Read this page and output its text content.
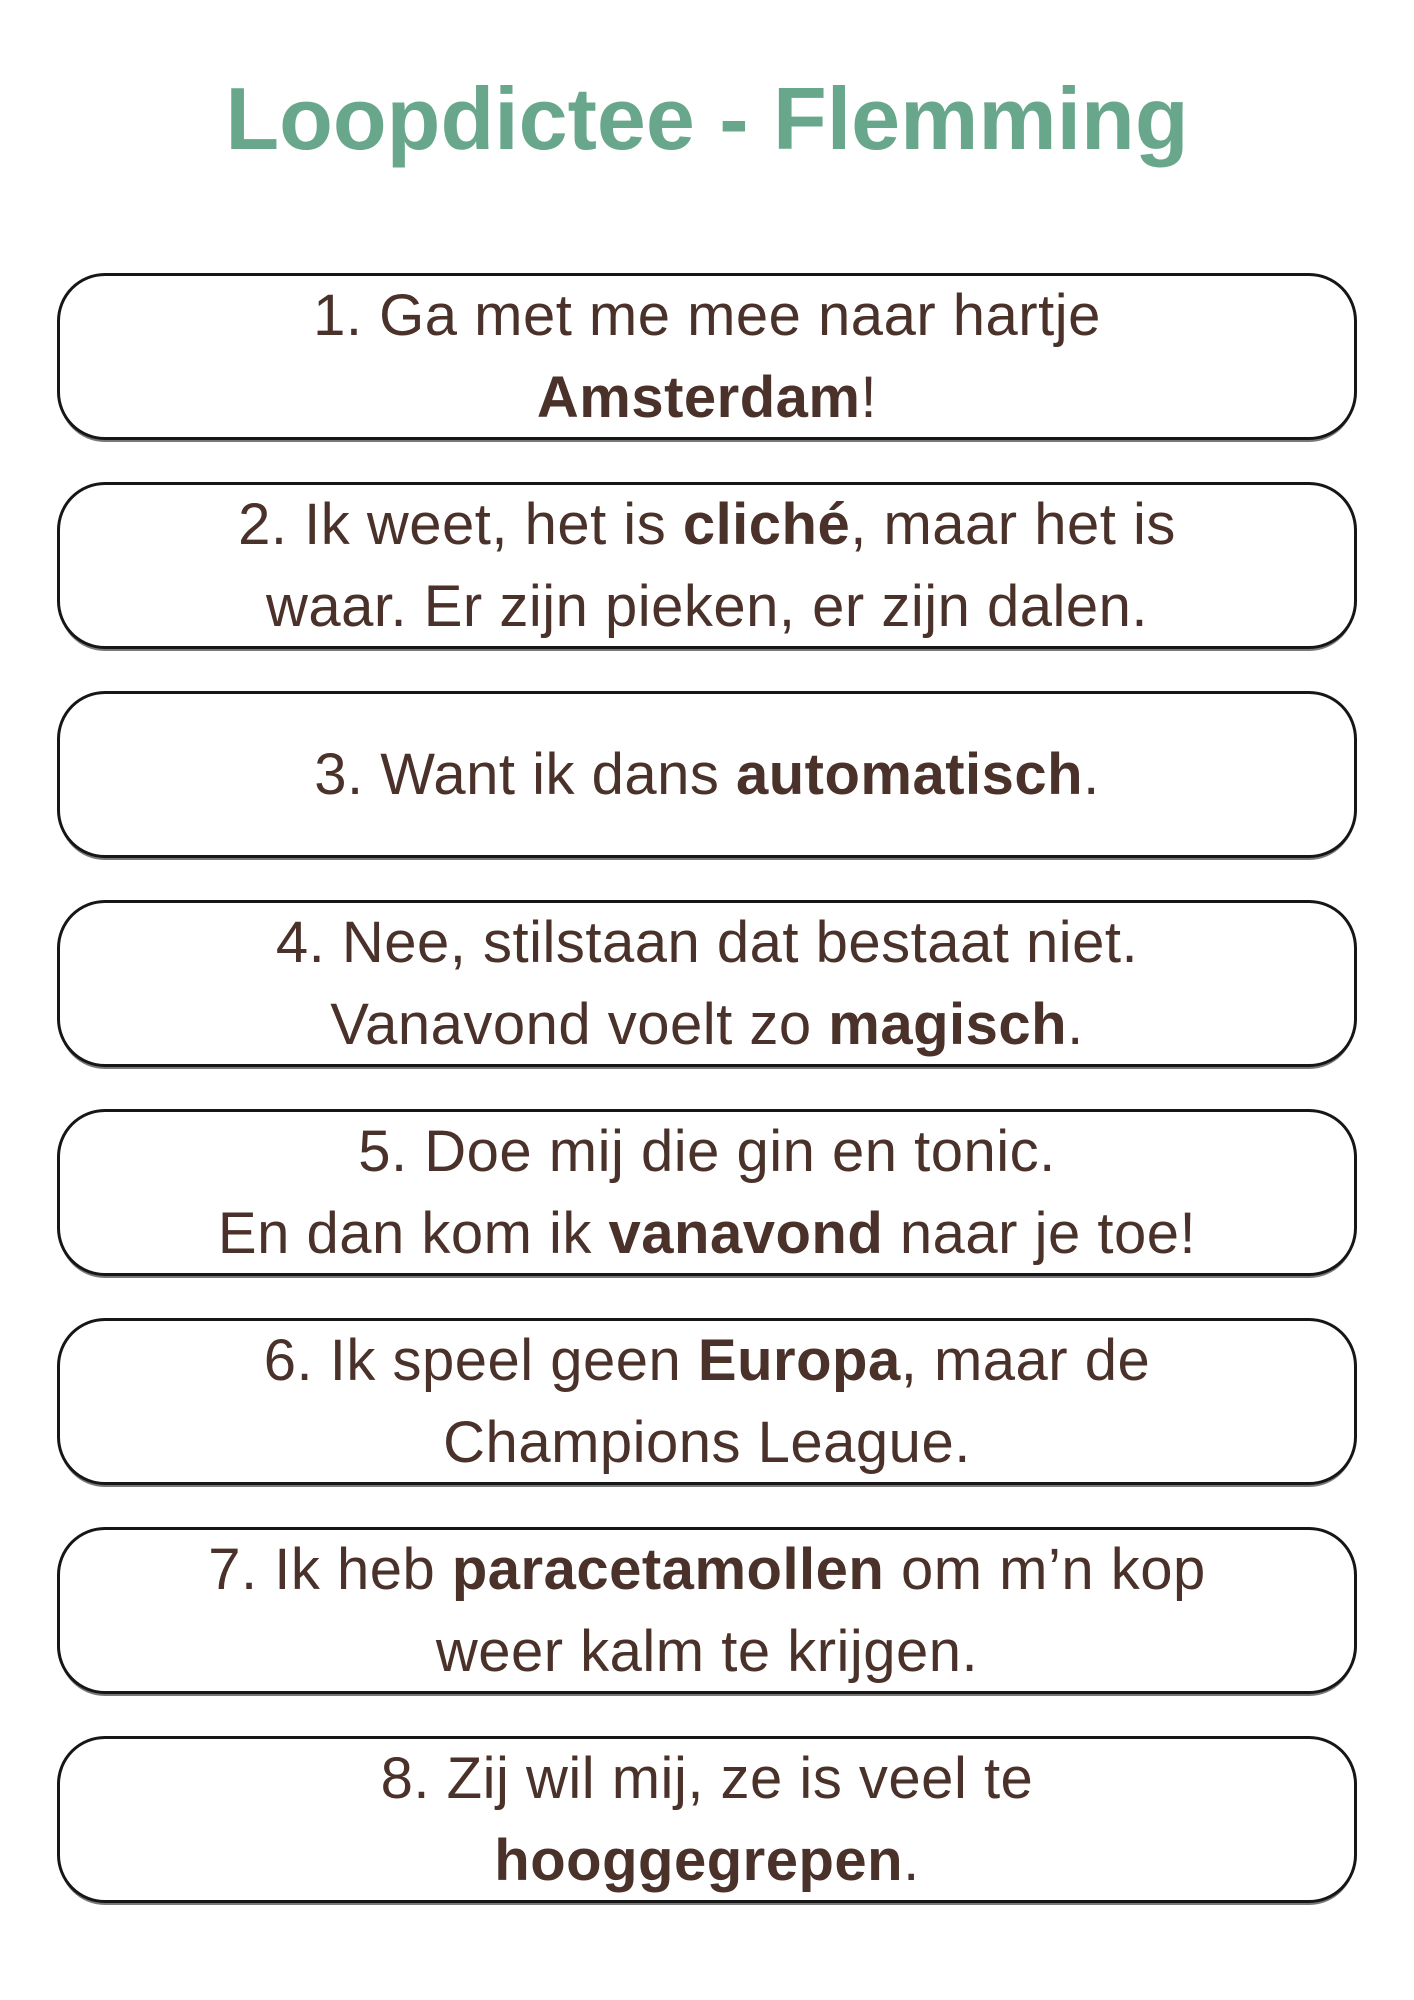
Loopdictee - Flemming

1. Ga met me mee naar hartje

Amsterdam!

2. Ik weet, het is cliché, maar het is

waar. Er zijn pieken, er zijn dalen.

3. Want ik dans automatisch.

4. Nee, stilstaan dat bestaat niet.

Vanavond voelt zo magisch.

5. Doe mij die gin en tonic.

En dan kom ik vanavond naar je toe!

6. Ik speel geen Europa, maar de

Champions League.

7. Ik heb paracetamollen om m’n kop

weer kalm te krijgen.

8. Zij wil mij, ze is veel te

hooggegrepen.
